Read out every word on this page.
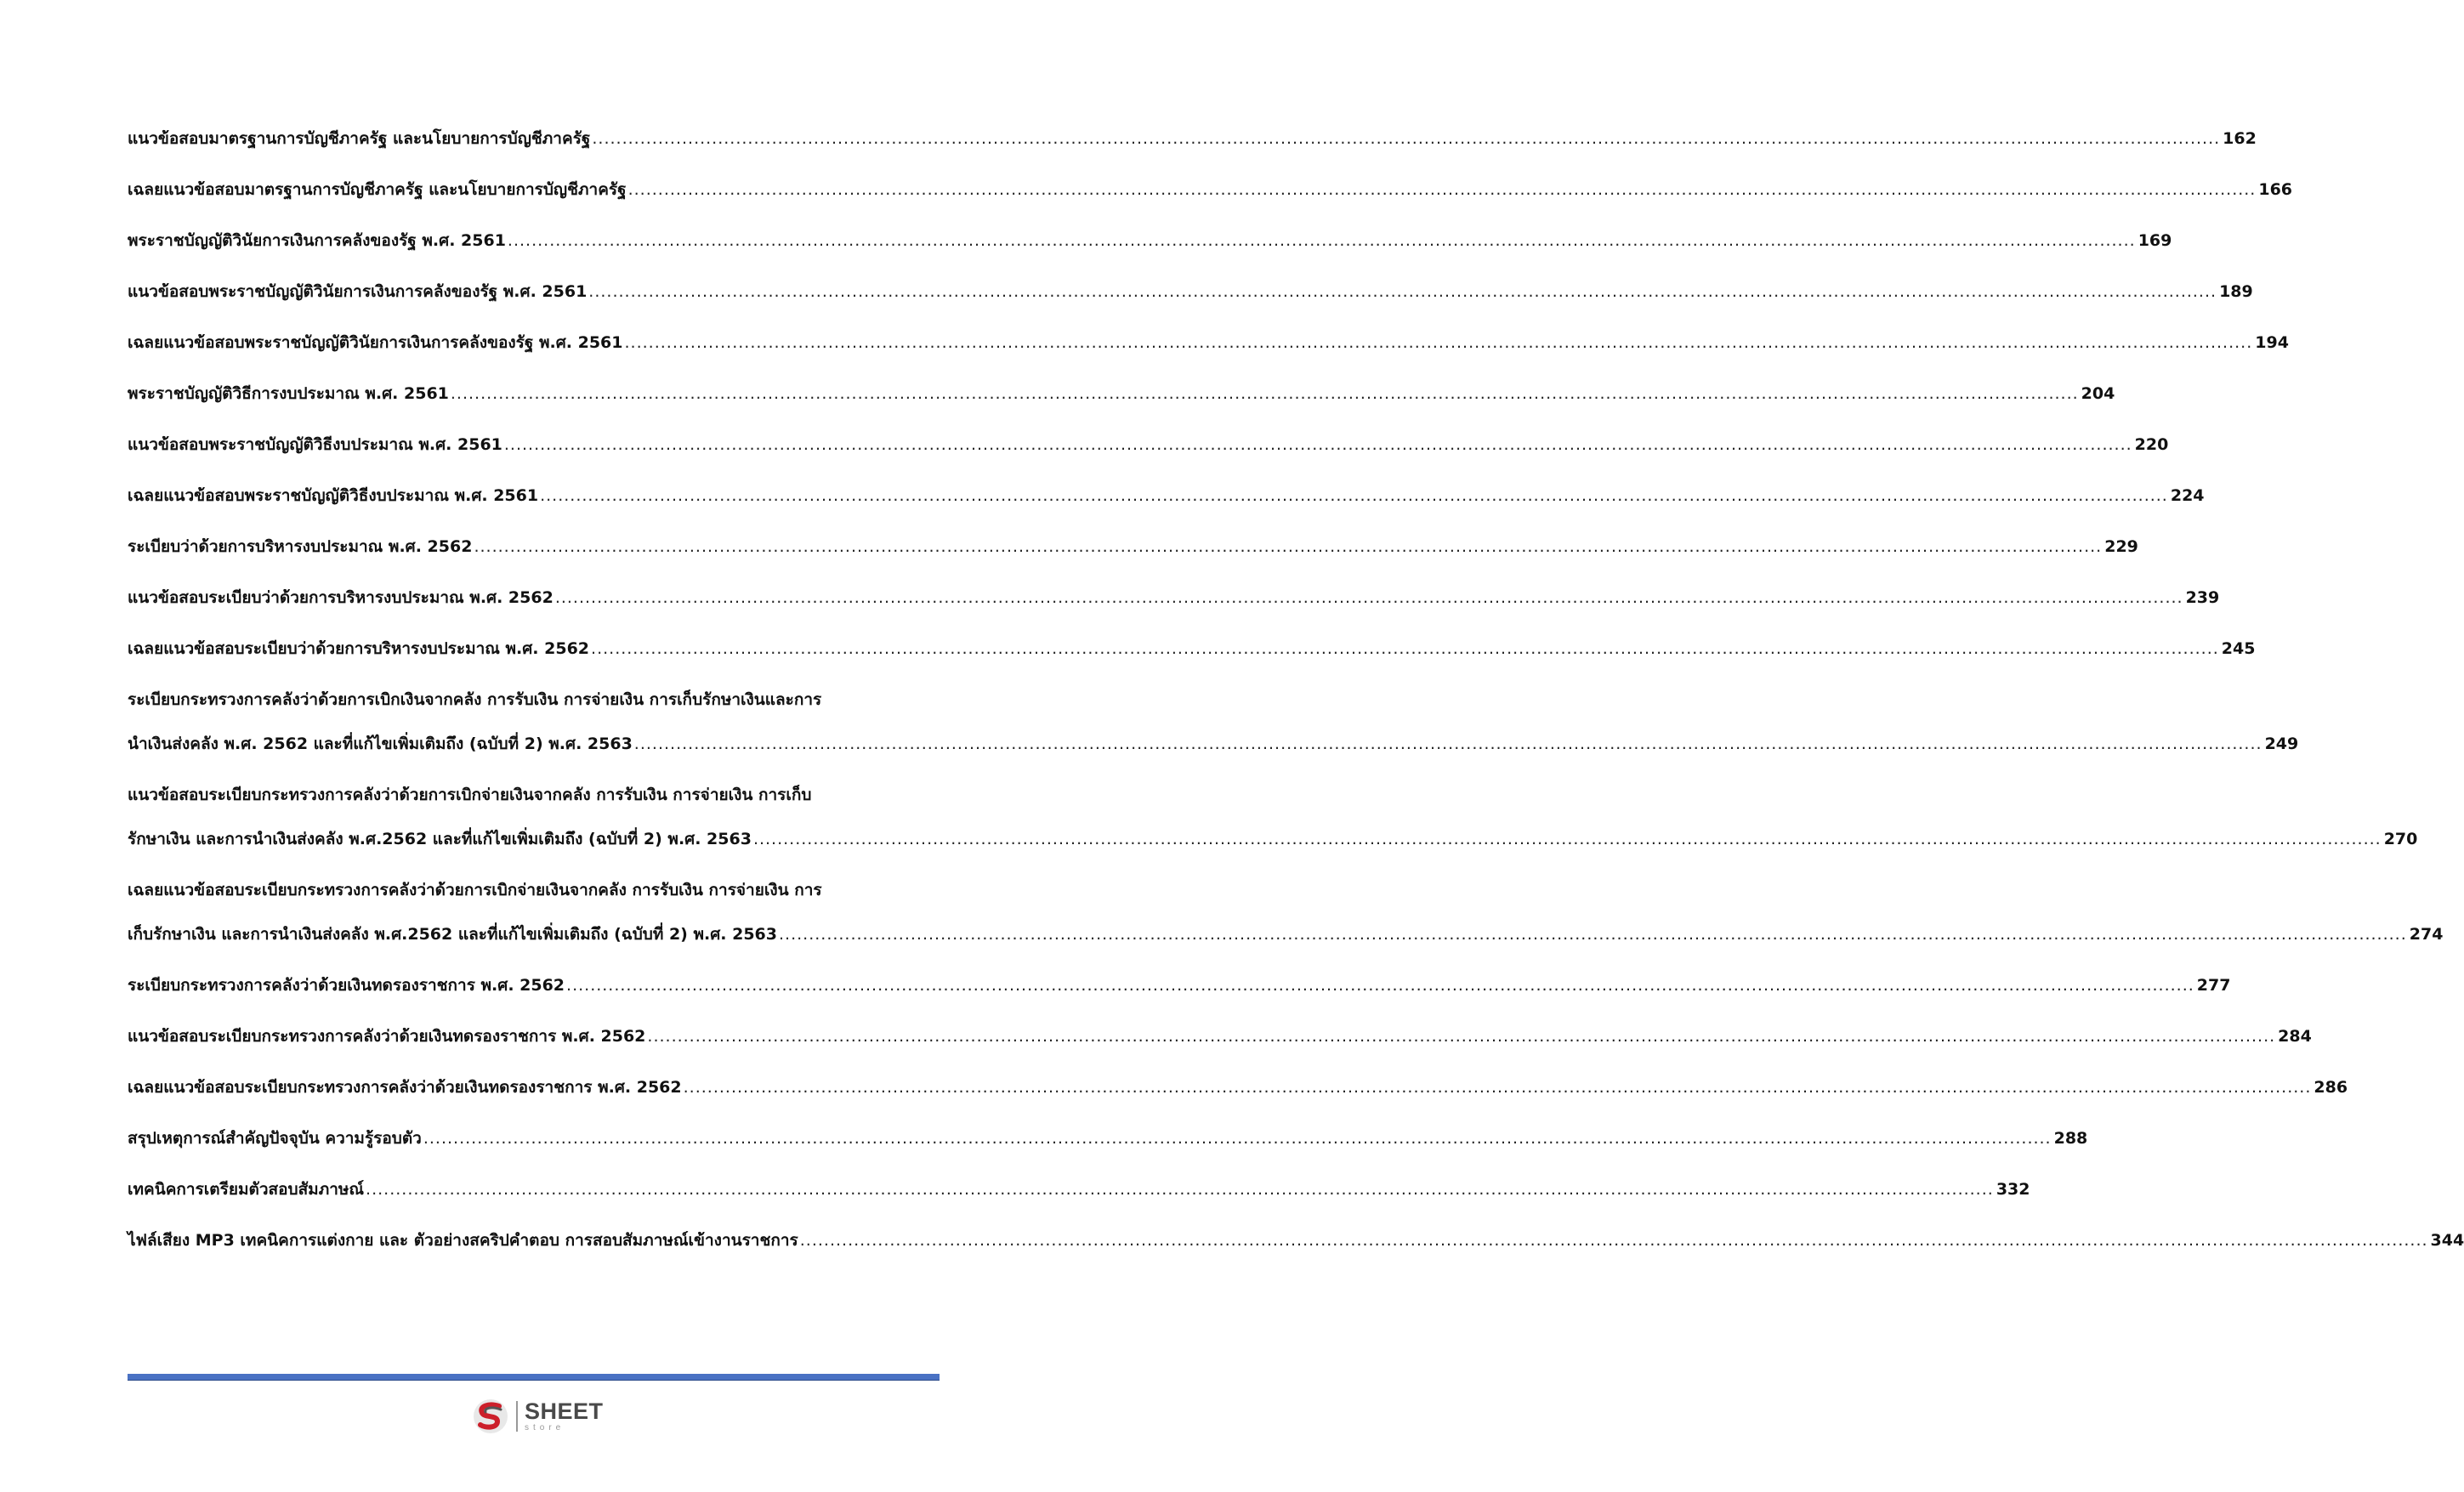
แนวข้อสอบมาตรฐานการบัญชีภาครัฐ และนโยบายการบัญชีภาครัฐ .....	162
เฉลยแนวข้อสอบมาตรฐานการบัญชีภาครัฐ และนโยบายการบัญชีภาครัฐ .....	166
พระราชบัญญัติวินัยการเงินการคลังของรัฐ พ.ศ. 2561 .....	169
แนวข้อสอบพระราชบัญญัติวินัยการเงินการคลังของรัฐ พ.ศ. 2561 .....	189
เฉลยแนวข้อสอบพระราชบัญญัติวินัยการเงินการคลังของรัฐ พ.ศ. 2561 .....	194
พระราชบัญญัติวิธีการงบประมาณ พ.ศ. 2561 .....	204
แนวข้อสอบพระราชบัญญัติวิธีงบประมาณ พ.ศ. 2561 .....	220
เฉลยแนวข้อสอบพระราชบัญญัติวิธีงบประมาณ พ.ศ. 2561 .....	224
ระเบียบว่าด้วยการบริหารงบประมาณ พ.ศ. 2562 .....	229
แนวข้อสอบระเบียบว่าด้วยการบริหารงบประมาณ พ.ศ. 2562 .....	239
เฉลยแนวข้อสอบระเบียบว่าด้วยการบริหารงบประมาณ พ.ศ. 2562 .....	245
ระเบียบกระทรวงการคลังว่าด้วยการเบิกเงินจากคลัง การรับเงิน การจ่ายเงิน การเก็บรักษาเงินและการ
นำเงินส่งคลัง พ.ศ. 2562 และที่แก้ไขเพิ่มเติมถึง (ฉบับที่ 2) พ.ศ. 2563 .....	249
แนวข้อสอบระเบียบกระทรวงการคลังว่าด้วยการเบิกจ่ายเงินจากคลัง การรับเงิน การจ่ายเงิน การเก็บ
รักษาเงิน และการนำเงินส่งคลัง พ.ศ.2562 และที่แก้ไขเพิ่มเติมถึง (ฉบับที่ 2) พ.ศ. 2563 .....	270
เฉลยแนวข้อสอบระเบียบกระทรวงการคลังว่าด้วยการเบิกจ่ายเงินจากคลัง การรับเงิน การจ่ายเงิน การ
เก็บรักษาเงิน และการนำเงินส่งคลัง พ.ศ.2562 และที่แก้ไขเพิ่มเติมถึง (ฉบับที่ 2) พ.ศ. 2563 .....	274
ระเบียบกระทรวงการคลังว่าด้วยเงินทดรองราชการ พ.ศ. 2562 .....	277
แนวข้อสอบระเบียบกระทรวงการคลังว่าด้วยเงินทดรองราชการ พ.ศ. 2562 .....	284
เฉลยแนวข้อสอบระเบียบกระทรวงการคลังว่าด้วยเงินทดรองราชการ พ.ศ. 2562 .....	286
สรุปเหตุการณ์สำคัญปัจจุบัน ความรู้รอบตัว .....	288
เทคนิคการเตรียมตัวสอบสัมภาษณ์ .....	332
ไฟล์เสียง MP3 เทคนิคการแต่งกาย และ ตัวอย่างสคริปคำตอบ การสอบสัมภาษณ์เข้างานราชการ .....	344
SHEET
store
